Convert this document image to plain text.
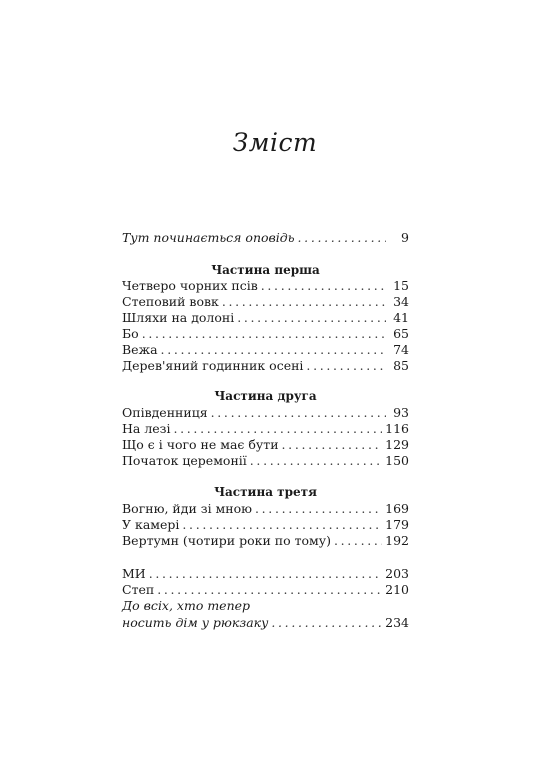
Зміст
Тут починається оповідь . . .	9
Частина перша
Четверо чорних псів . . .	15
Степовий вовк . . .	34
Шляхи на долоні . . .	41
Бо . . .	65
Вежа . . .	74
Дерев'яний годинник осені . . .	85
Частина друга
Опівденниця . . .	93
На лезі . . .	116
Що є і чого не має бути . . .	129
Початок церемонії . . .	150
Частина третя
Вогню, йди зі мною . . .	169
У камері . . .	179
Вертумн (чотири роки по тому) . . .	192
МИ . . .	203
Степ . . .	210
До всіх, хто тепер
носить дім у рюкзаку . . .	234
